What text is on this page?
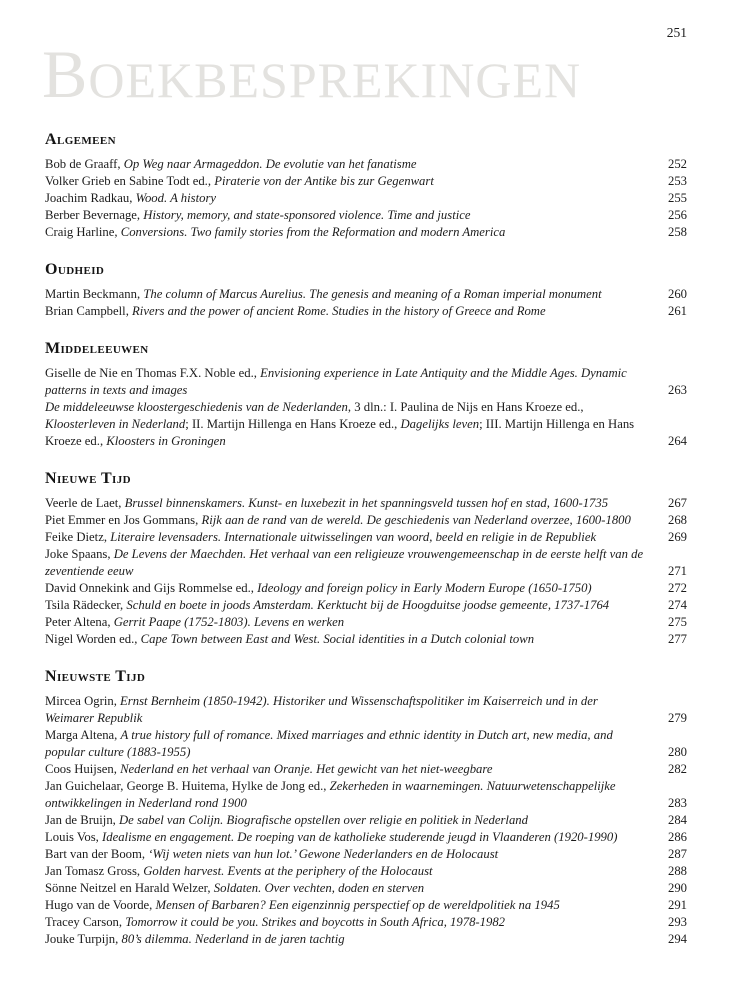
251
BOEKBESPREKINGEN
Algemeen
Bob de Graaff, Op Weg naar Armageddon. De evolutie van het fanatisme	252
Volker Grieb en Sabine Todt ed., Piraterie von der Antike bis zur Gegenwart	253
Joachim Radkau, Wood. A history	255
Berber Bevernage, History, memory, and state-sponsored violence. Time and justice	256
Craig Harline, Conversions. Two family stories from the Reformation and modern America	258
Oudheid
Martin Beckmann, The column of Marcus Aurelius. The genesis and meaning of a Roman imperial monument	260
Brian Campbell, Rivers and the power of ancient Rome. Studies in the history of Greece and Rome	261
Middeleeuwen
Giselle de Nie en Thomas F.X. Noble ed., Envisioning experience in Late Antiquity and the Middle Ages. Dynamic patterns in texts and images	263
De middeleeuwse kloostergeschiedenis van de Nederlanden, 3 dln.: I. Paulina de Nijs en Hans Kroeze ed., Kloosterleven in Nederland; II. Martijn Hillenga en Hans Kroeze ed., Dagelijks leven; III. Martijn Hillenga en Hans Kroeze ed., Kloosters in Groningen	264
Nieuwe Tijd
Veerle de Laet, Brussel binnenskamers. Kunst- en luxebezit in het spanningsveld tussen hof en stad, 1600-1735	267
Piet Emmer en Jos Gommans, Rijk aan de rand van de wereld. De geschiedenis van Nederland overzee, 1600-1800	268
Feike Dietz, Literaire levensaders. Internationale uitwisselingen van woord, beeld en religie in de Republiek	269
Joke Spaans, De Levens der Maechden. Het verhaal van een religieuze vrouwengemeenschap in de eerste helft van de zeventiende eeuw	271
David Onnekink and Gijs Rommelse ed., Ideology and foreign policy in Early Modern Europe (1650-1750)	272
Tsila Rädecker, Schuld en boete in joods Amsterdam. Kerktucht bij de Hoogduitse joodse gemeente, 1737-1764	274
Peter Altena, Gerrit Paape (1752-1803). Levens en werken	275
Nigel Worden ed., Cape Town between East and West. Social identities in a Dutch colonial town	277
Nieuwste Tijd
Mircea Ogrin, Ernst Bernheim (1850-1942). Historiker und Wissenschaftspolitiker im Kaiserreich und in der Weimarer Republik	279
Marga Altena, A true history full of romance. Mixed marriages and ethnic identity in Dutch art, new media, and popular culture (1883-1955)	280
Coos Huijsen, Nederland en het verhaal van Oranje. Het gewicht van het niet-weegbare	282
Jan Guichelaar, George B. Huitema, Hylke de Jong ed., Zekerheden in waarnemingen. Natuurwetenschappelijke ontwikkelingen in Nederland rond 1900	283
Jan de Bruijn, De sabel van Colijn. Biografische opstellen over religie en politiek in Nederland	284
Louis Vos, Idealisme en engagement. De roeping van de katholieke studerende jeugd in Vlaanderen (1920-1990)	286
Bart van der Boom, ‘Wij weten niets van hun lot.’ Gewone Nederlanders en de Holocaust	287
Jan Tomasz Gross, Golden harvest. Events at the periphery of the Holocaust	288
Sönne Neitzel en Harald Welzer, Soldaten. Over vechten, doden en sterven	290
Hugo van de Voorde, Mensen of Barbaren? Een eigenzinnig perspectief op de wereldpolitiek na 1945	291
Tracey Carson, Tomorrow it could be you. Strikes and boycotts in South Africa, 1978-1982	293
Jouke Turpijn, 80’s dilemma. Nederland in de jaren tachtig	294
